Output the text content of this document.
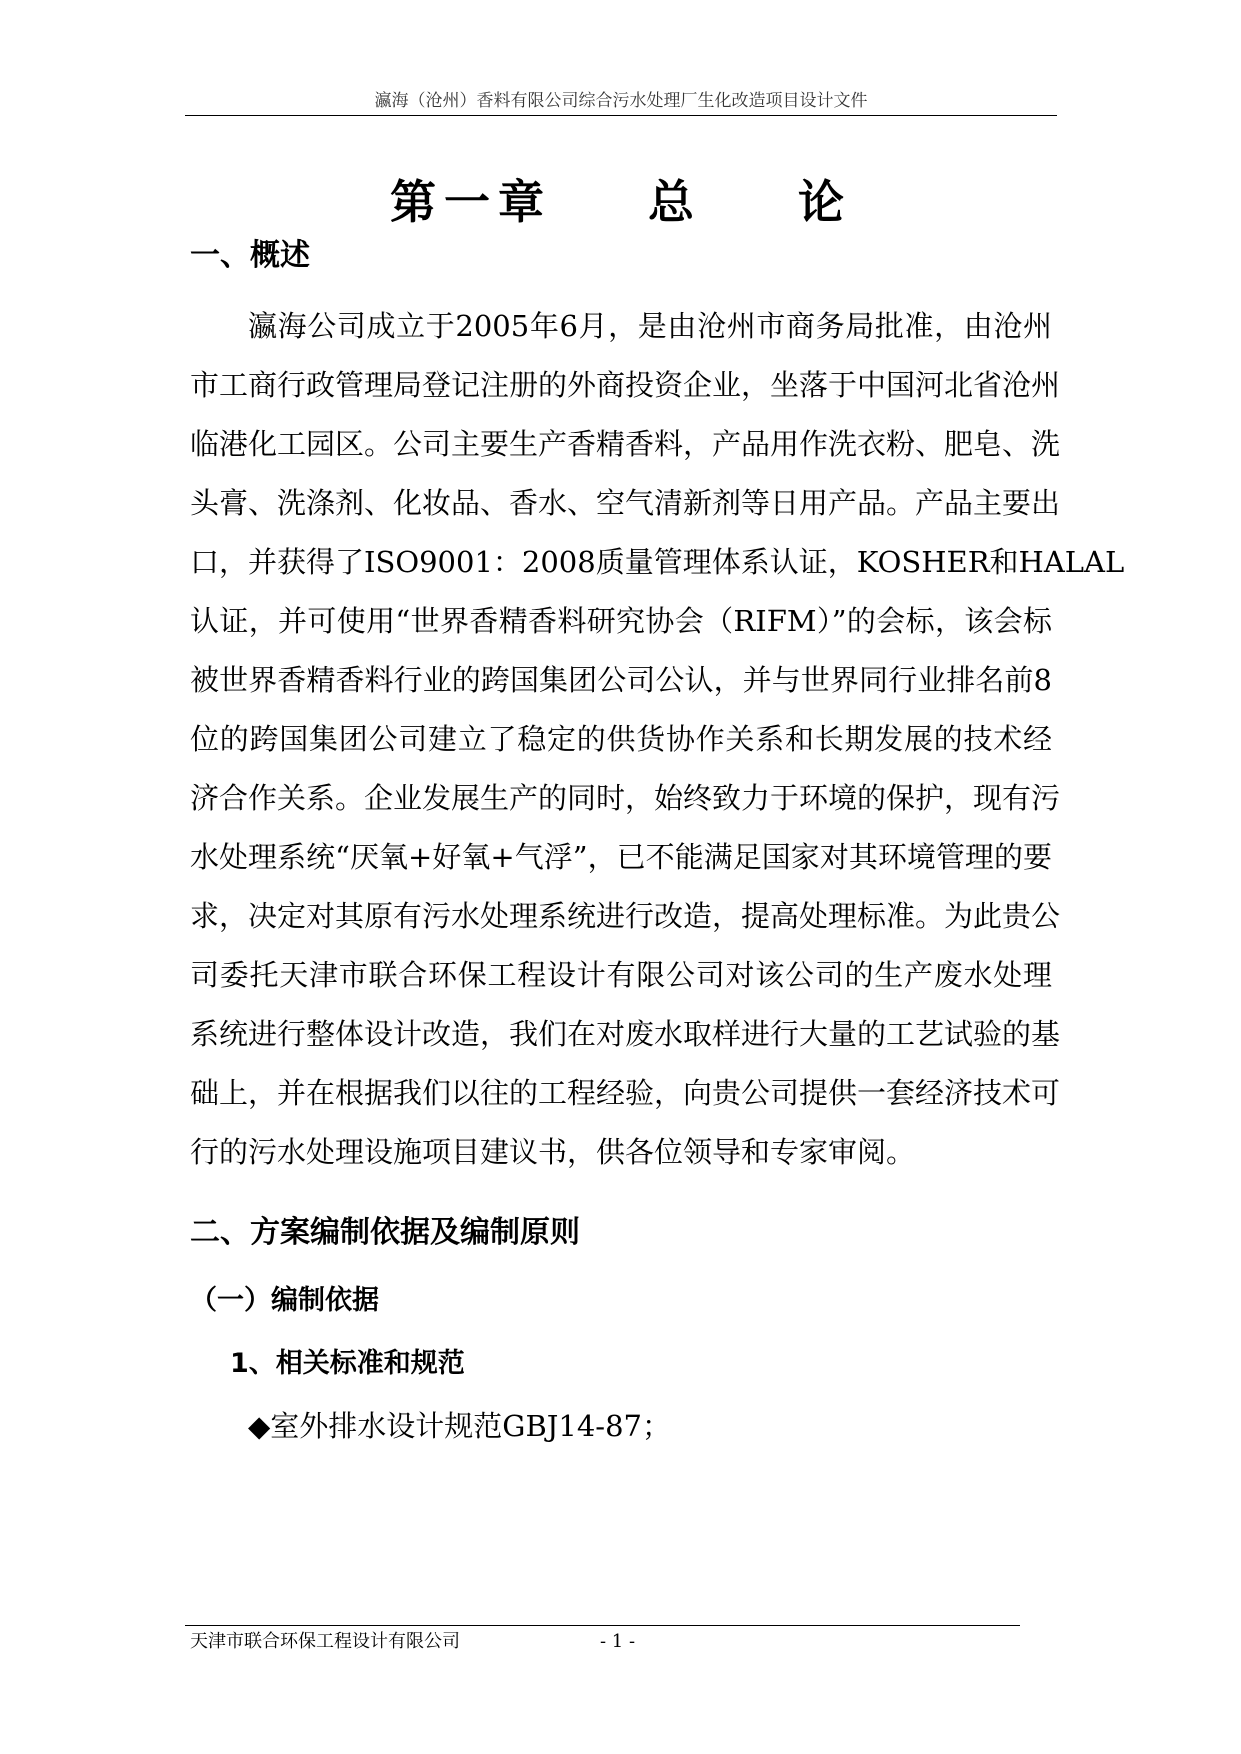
瀛海（沧州）香料有限公司综合污水处理厂生化改造项目设计文件
第一章    总    论
一、概述
瀛海公司成立于2005年6月，是由沧州市商务局批准，由沧州
市工商行政管理局登记注册的外商投资企业，坐落于中国河北省沧州
临港化工园区。公司主要生产香精香料，产品用作洗衣粉、肥皂、洗
头膏、洗涤剂、化妆品、香水、空气清新剂等日用产品。产品主要出
口，并获得了ISO9001：2008质量管理体系认证，KOSHER和HALAL
认证，并可使用“世界香精香料研究协会（RIFM）”的会标，该会标
被世界香精香料行业的跨国集团公司公认，并与世界同行业排名前8
位的跨国集团公司建立了稳定的供货协作关系和长期发展的技术经
济合作关系。企业发展生产的同时，始终致力于环境的保护，现有污
水处理系统“厌氧+好氧+气浮”，已不能满足国家对其环境管理的要
求，决定对其原有污水处理系统进行改造，提高处理标准。为此贵公
司委托天津市联合环保工程设计有限公司对该公司的生产废水处理
系统进行整体设计改造，我们在对废水取样进行大量的工艺试验的基
础上，并在根据我们以往的工程经验，向贵公司提供一套经济技术可
行的污水处理设施项目建议书，供各位领导和专家审阅。
二、方案编制依据及编制原则
（一）编制依据
1、相关标准和规范
◆室外排水设计规范GBJ14-87；
天津市联合环保工程设计有限公司	- 1 -
